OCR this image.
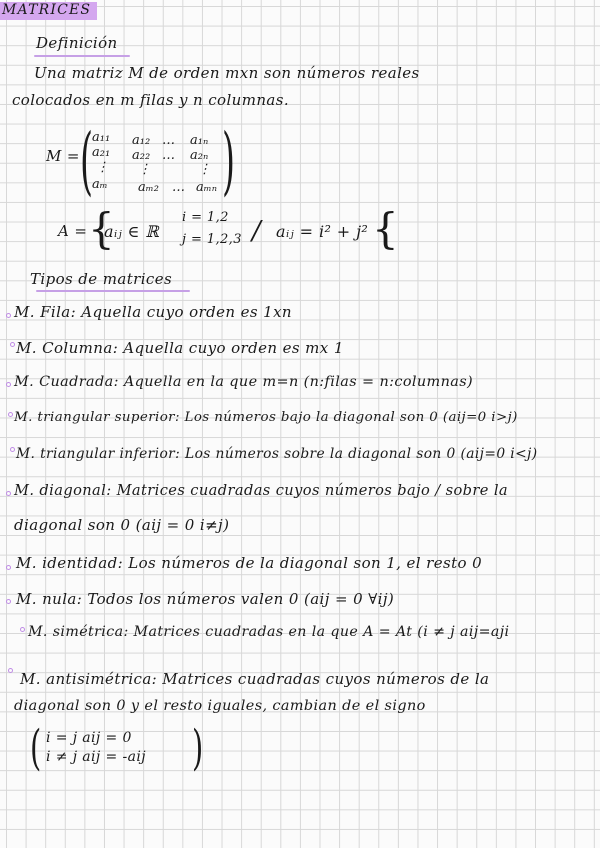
MATRICES
Definición
Una matriz M de orden mxn son números reales
colocados en m filas y n columnas.
M = ( )
a₁₁ a₁₂ … a₁ₙ
a₂₁ a₂₂ … a₂ₙ
⋮ ⋮	⋮
aₘ aₘ₂ … aₘₙ
A = {
aᵢⱼ ∈ ℝ
i = 1,2
j = 1,2,3 / aᵢⱼ = i² + j² {
Tipos de matrices
M. Fila: Aquella cuyo orden es 1xn
M. Columna: Aquella cuyo orden es mx 1
M. Cuadrada: Aquella en la que m=n (n:filas = n:columnas)
M. triangular superior: Los números bajo la diagonal son 0 (aij=0 i>j)
M. triangular inferior: Los números sobre la diagonal son 0 (aij=0 i<j)
M. diagonal: Matrices cuadradas cuyos números bajo / sobre la
diagonal son 0 (aij = 0 i≠j)
M. identidad: Los números de la diagonal son 1, el resto 0
M. nula: Todos los números valen 0 (aij = 0 ∀ij)
M. simétrica: Matrices cuadradas en la que A = At (i ≠ j aij=aji
M. antisimétrica: Matrices cuadradas cuyos números de la
diagonal son 0 y el resto iguales, cambian de el signo
( i = j aij = 0
i ≠ j aij = -aij )
